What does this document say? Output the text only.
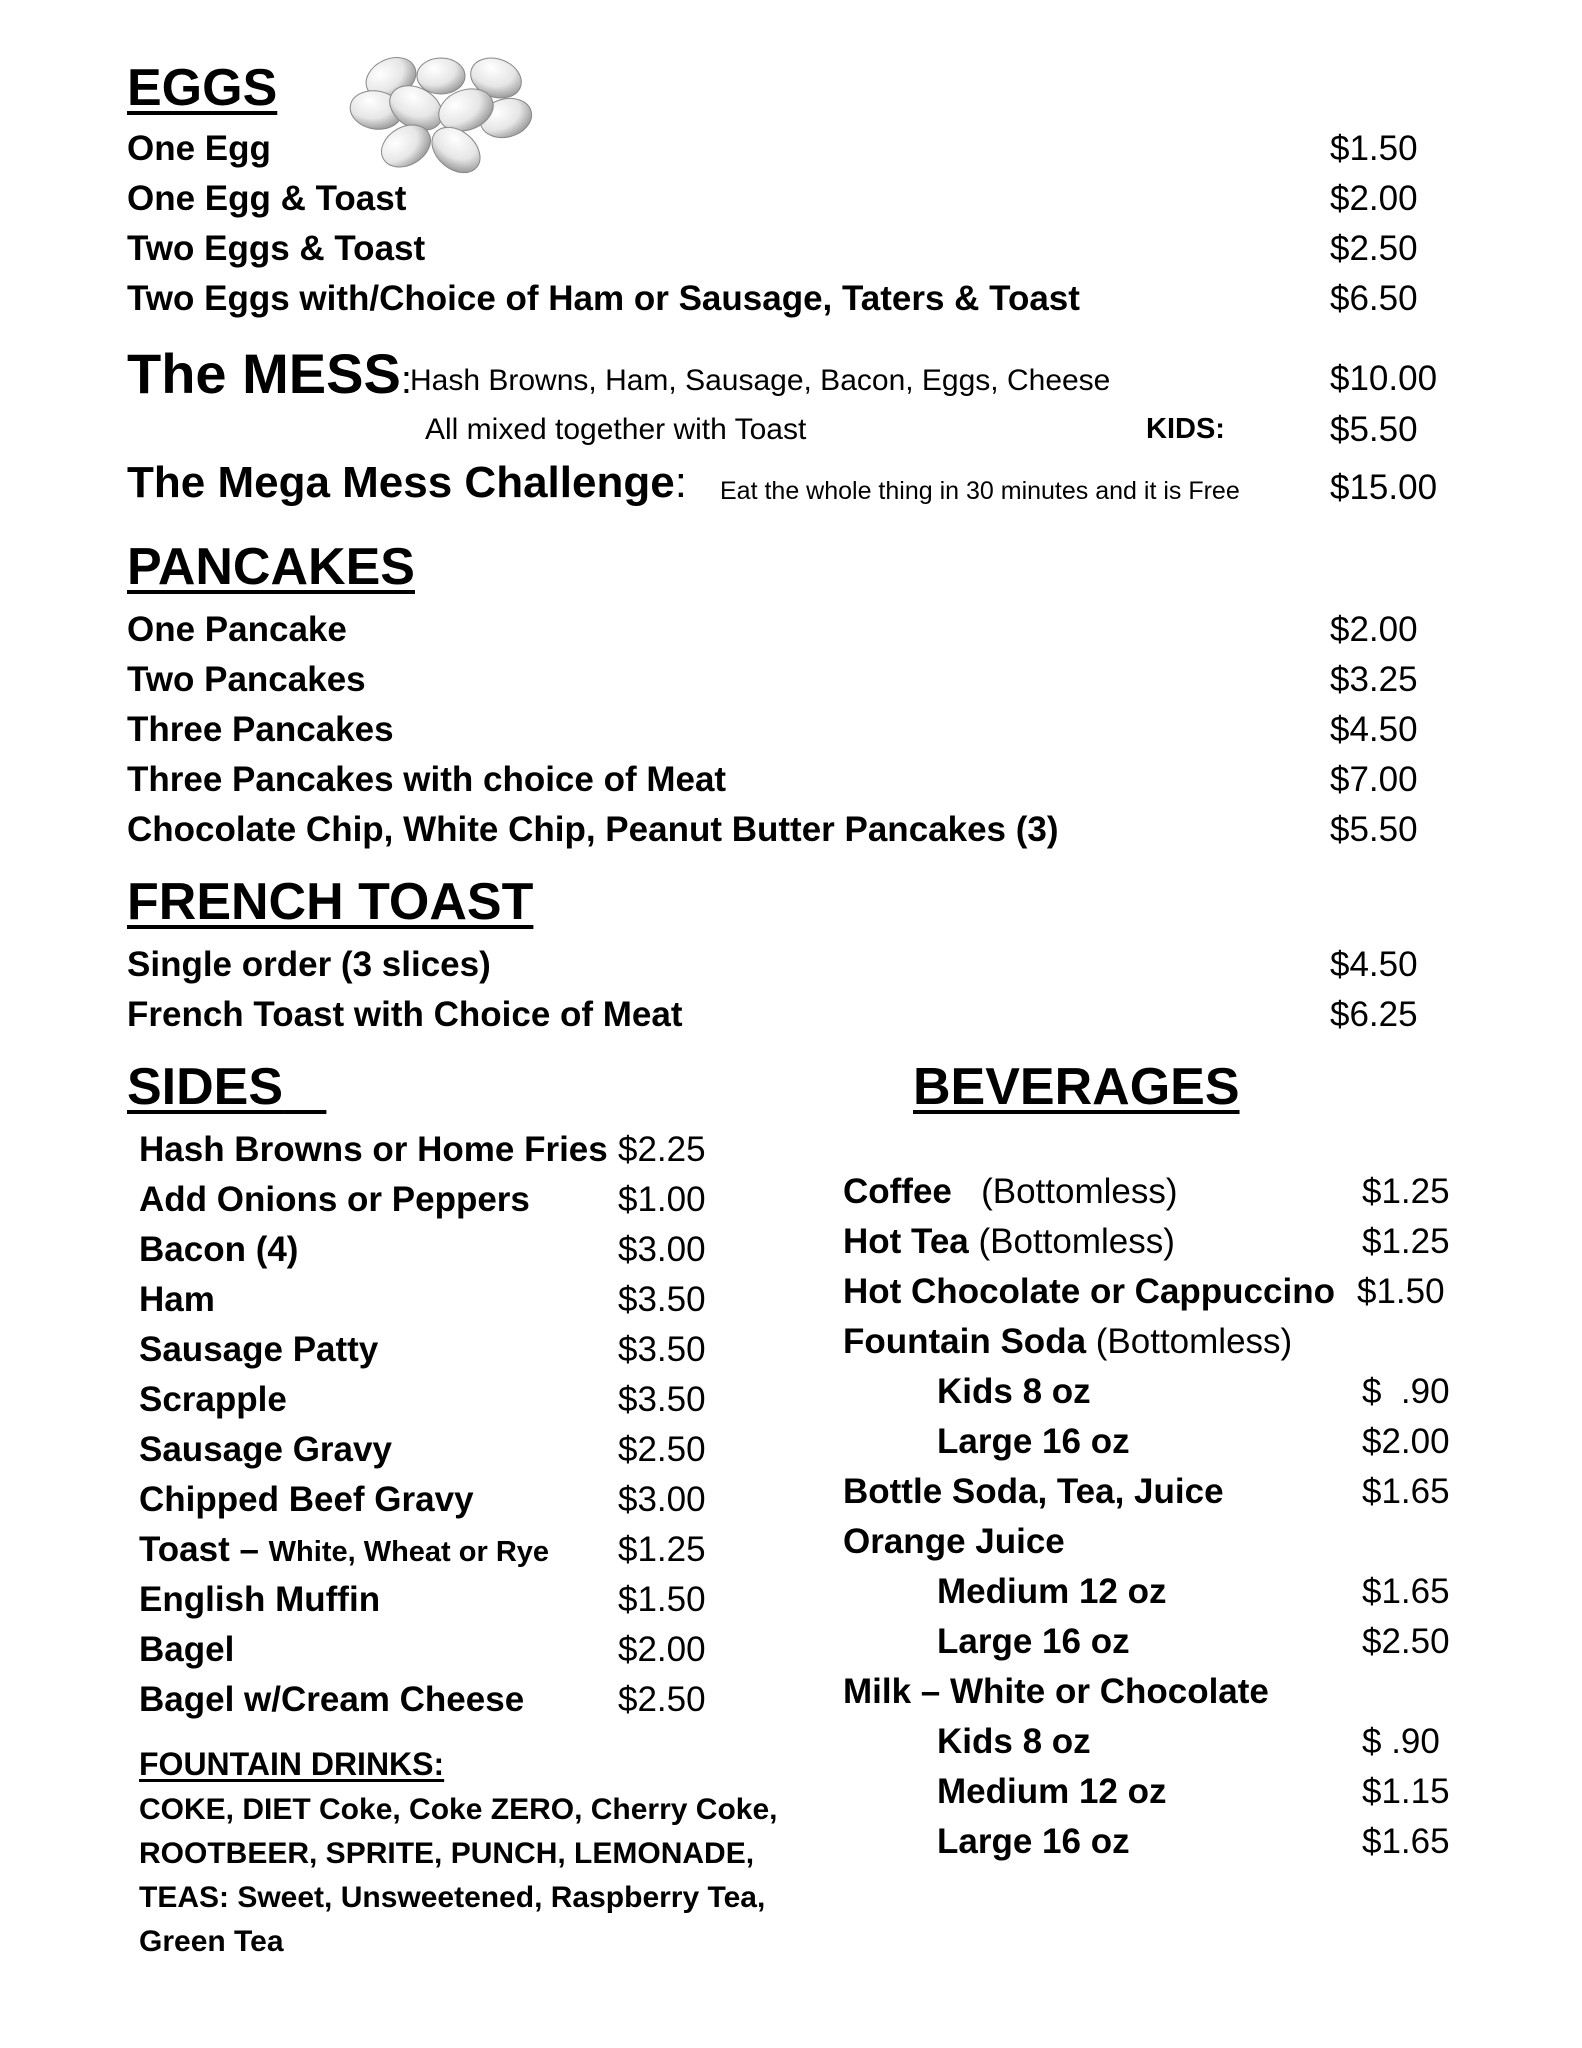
EGGS
One Egg	$1.50
One Egg & Toast	$2.00
Two Eggs & Toast	$2.50
Two Eggs with/Choice of Ham or Sausage, Taters & Toast	$6.50
The MESS:
Hash Browns, Ham, Sausage, Bacon, Eggs, Cheese	$10.00
All mixed together with Toast	KIDS:	$5.50
The Mega Mess Challenge: Eat the whole thing in 30 minutes and it is Free	$15.00
PANCAKES
One Pancake	$2.00
Two Pancakes	$3.25
Three Pancakes	$4.50
Three Pancakes with choice of Meat	$7.00
Chocolate Chip, White Chip, Peanut Butter Pancakes (3)	$5.50
FRENCH TOAST
Single order (3 slices)	$4.50
French Toast with Choice of Meat	$6.25
SIDES
Hash Browns or Home Fries $2.25
Add Onions or Peppers	$1.00
Bacon (4)	$3.00
Ham	$3.50
Sausage Patty	$3.50
Scrapple	$3.50
Sausage Gravy	$2.50
Chipped Beef Gravy	$3.00
Toast – White, Wheat or Rye $1.25
English Muffin	$1.50
Bagel	$2.00
Bagel w/Cream Cheese	$2.50
FOUNTAIN DRINKS:
COKE, DIET Coke, Coke ZERO, Cherry Coke, ROOTBEER, SPRITE, PUNCH, LEMONADE, TEAS: Sweet, Unsweetened, Raspberry Tea, Green Tea
BEVERAGES
Coffee   (Bottomless)	$1.25
Hot Tea (Bottomless)	$1.25
Hot Chocolate or Cappuccino $1.50
Fountain Soda (Bottomless)
Kids 8 oz	$  .90
Large 16 oz	$2.00
Bottle Soda, Tea, Juice	$1.65
Orange Juice
Medium 12 oz	$1.65
Large 16 oz	$2.50
Milk – White or Chocolate
Kids 8 oz	$ .90
Medium 12 oz	$1.15
Large 16 oz	$1.65
